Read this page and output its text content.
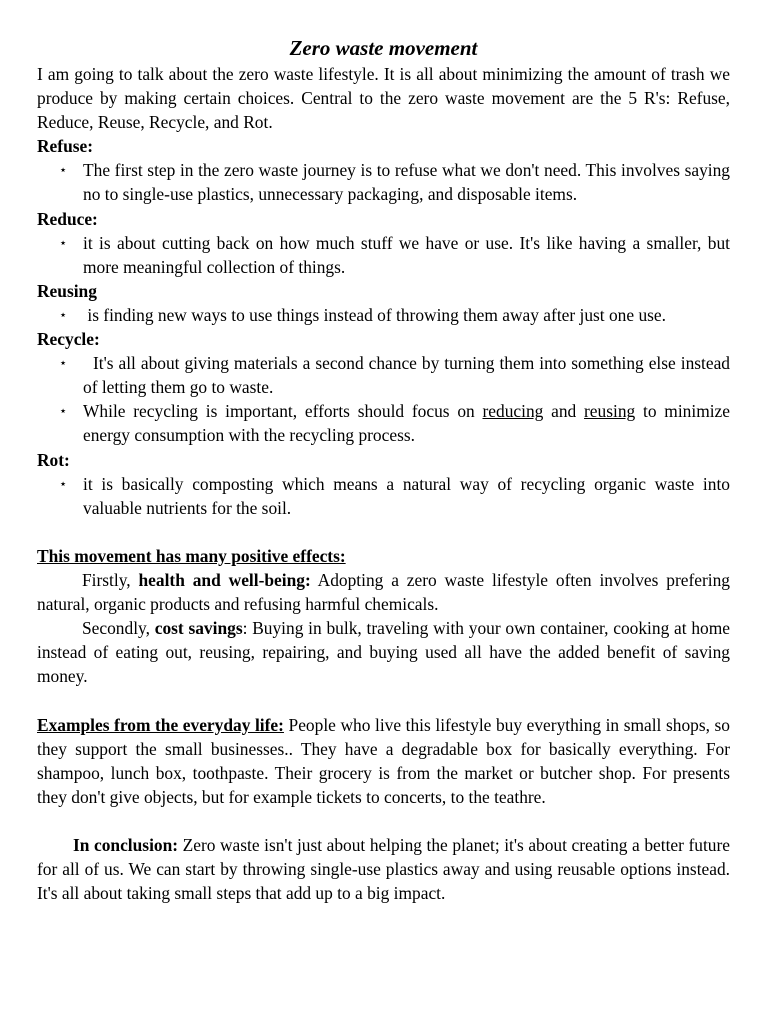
Zero waste movement

I am going to talk about the zero waste lifestyle. It is all about minimizing the amount of trash we produce by making certain choices. Central to the zero waste movement are the 5 R's: Refuse, Reduce, Reuse, Recycle, and Rot.

Refuse:
⋆ The first step in the zero waste journey is to refuse what we don't need. This involves saying no to single-use plastics, unnecessary packaging, and disposable items.
Reduce:
⋆ it is about cutting back on how much stuff we have or use. It's like having a smaller, but more meaningful collection of things.
Reusing
⋆ is finding new ways to use things instead of throwing them away after just one use.
Recycle:
⋆ It's all about giving materials a second chance by turning them into something else instead of letting them go to waste.
⋆ While recycling is important, efforts should focus on reducing and reusing to minimize energy consumption with the recycling process.
Rot:
⋆ it is basically composting which means a natural way of recycling organic waste into valuable nutrients for the soil.
This movement has many positive effects:

Firstly, health and well-being: Adopting a zero waste lifestyle often involves prefering natural, organic products and refusing harmful chemicals.

Secondly, cost savings: Buying in bulk, traveling with your own container, cooking at home instead of eating out, reusing, repairing, and buying used all have the added benefit of saving money.

Examples from the everyday life: People who live this lifestyle buy everything in small shops, so they support the small businesses.. They have a degradable box for basically everything. For shampoo, lunch box, toothpaste. Their grocery is from the market or butcher shop. For presents they don't give objects, but for example tickets to concerts, to the teathre.

In conclusion: Zero waste isn't just about helping the planet; it's about creating a better future for all of us. We can start by throwing single-use plastics away and using reusable options instead. It's all about taking small steps that add up to a big impact.
